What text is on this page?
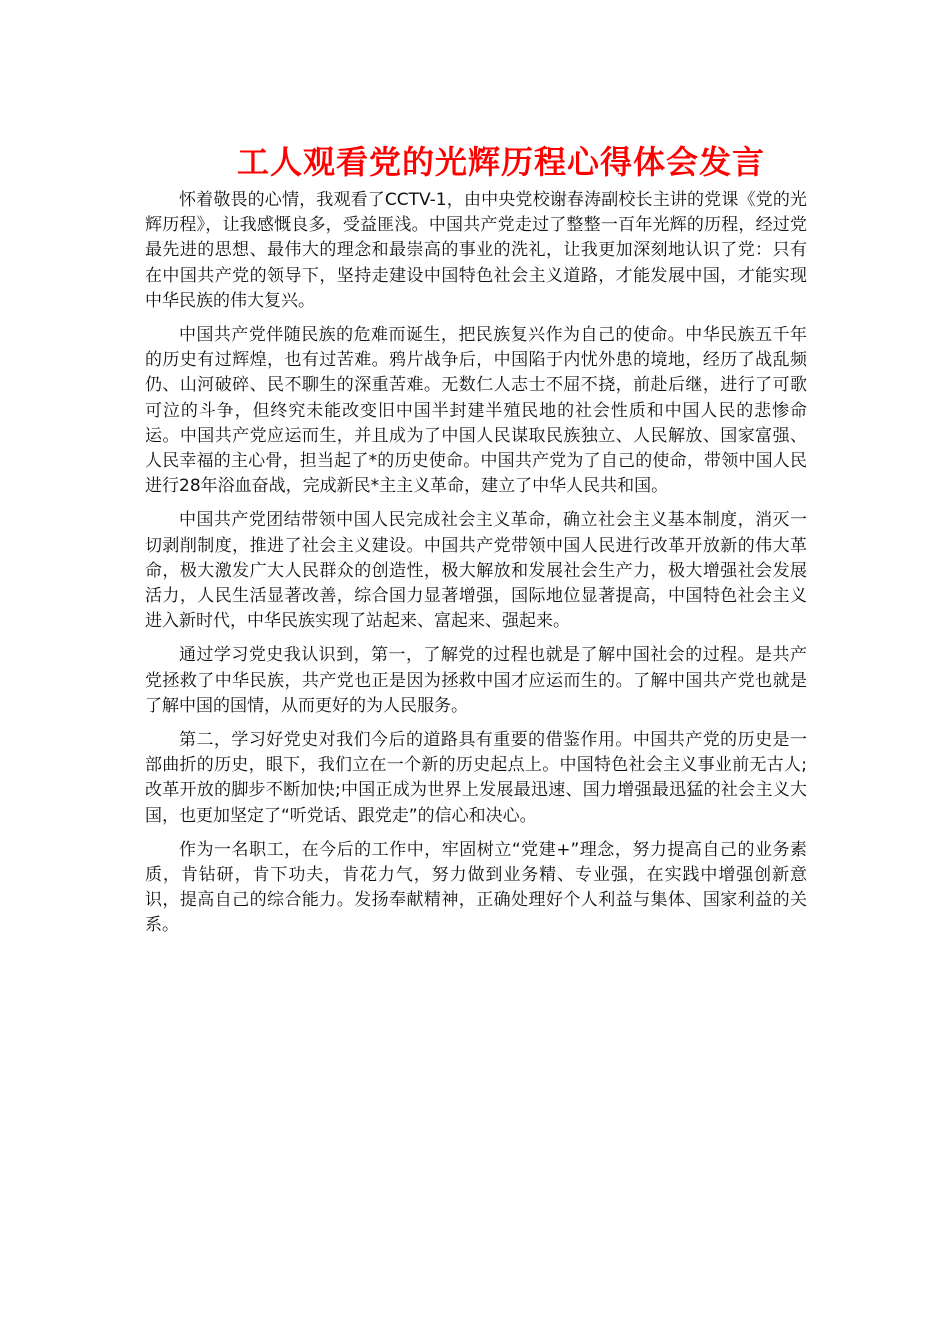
工人观看党的光辉历程心得体会发言

怀着敬畏的心情，我观看了CCTV-1，由中央党校谢春涛副校长主讲的党课《党的光辉历程》，让我感慨良多，受益匪浅。中国共产党走过了整整一百年光辉的历程，经过党最先进的思想、最伟大的理念和最崇高的事业的洗礼，让我更加深刻地认识了党：只有在中国共产党的领导下，坚持走建设中国特色社会主义道路，才能发展中国，才能实现中华民族的伟大复兴。

中国共产党伴随民族的危难而诞生，把民族复兴作为自己的使命。中华民族五千年的历史有过辉煌，也有过苦难。鸦片战争后，中国陷于内忧外患的境地，经历了战乱频仍、山河破碎、民不聊生的深重苦难。无数仁人志士不屈不挠，前赴后继，进行了可歌可泣的斗争，但终究未能改变旧中国半封建半殖民地的社会性质和中国人民的悲惨命运。中国共产党应运而生，并且成为了中国人民谋取民族独立、人民解放、国家富强、人民幸福的主心骨，担当起了*的历史使命。中国共产党为了自己的使命，带领中国人民进行28年浴血奋战，完成新民*主主义革命，建立了中华人民共和国。

中国共产党团结带领中国人民完成社会主义革命，确立社会主义基本制度，消灭一切剥削制度，推进了社会主义建设。中国共产党带领中国人民进行改革开放新的伟大革命，极大激发广大人民群众的创造性，极大解放和发展社会生产力，极大增强社会发展活力，人民生活显著改善，综合国力显著增强，国际地位显著提高，中国特色社会主义进入新时代，中华民族实现了站起来、富起来、强起来。

通过学习党史我认识到，第一，了解党的过程也就是了解中国社会的过程。是共产党拯救了中华民族，共产党也正是因为拯救中国才应运而生的。了解中国共产党也就是了解中国的国情，从而更好的为人民服务。

第二，学习好党史对我们今后的道路具有重要的借鉴作用。中国共产党的历史是一部曲折的历史，眼下，我们立在一个新的历史起点上。中国特色社会主义事业前无古人;改革开放的脚步不断加快;中国正成为世界上发展最迅速、国力增强最迅猛的社会主义大国，也更加坚定了“听党话、跟党走”的信心和决心。

作为一名职工，在今后的工作中，牢固树立“党建+”理念，努力提高自己的业务素质，肯钻研，肯下功夫，肯花力气，努力做到业务精、专业强，在实践中增强创新意识，提高自己的综合能力。发扬奉献精神，正确处理好个人利益与集体、国家利益的关系。
